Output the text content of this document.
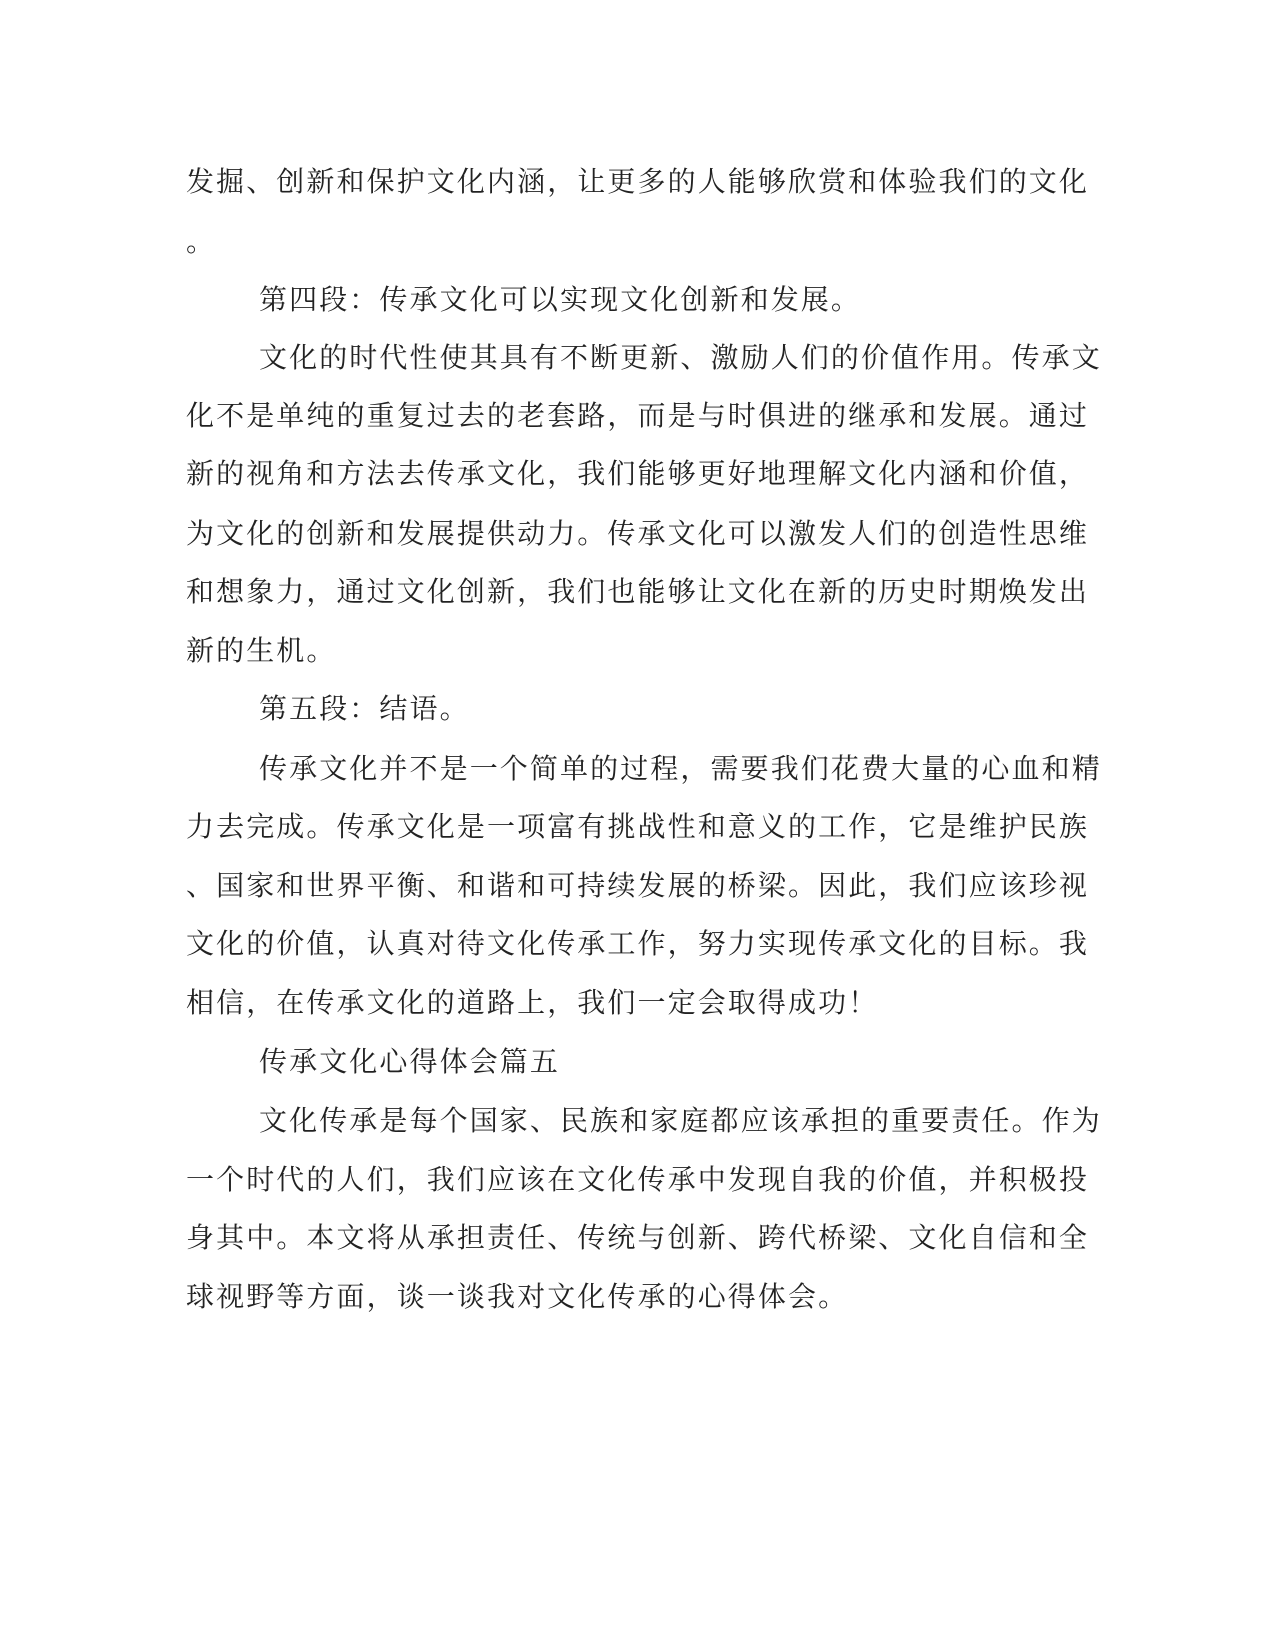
发掘、创新和保护文化内涵，让更多的人能够欣赏和体验我们的文化

。

第四段：传承文化可以实现文化创新和发展。

文化的时代性使其具有不断更新、激励人们的价值作用。传承文

化不是单纯的重复过去的老套路，而是与时俱进的继承和发展。通过

新的视角和方法去传承文化，我们能够更好地理解文化内涵和价值，

为文化的创新和发展提供动力。传承文化可以激发人们的创造性思维

和想象力，通过文化创新，我们也能够让文化在新的历史时期焕发出

新的生机。

第五段：结语。

传承文化并不是一个简单的过程，需要我们花费大量的心血和精

力去完成。传承文化是一项富有挑战性和意义的工作，它是维护民族

、国家和世界平衡、和谐和可持续发展的桥梁。因此，我们应该珍视

文化的价值，认真对待文化传承工作，努力实现传承文化的目标。我

相信，在传承文化的道路上，我们一定会取得成功！

传承文化心得体会篇五

文化传承是每个国家、民族和家庭都应该承担的重要责任。作为

一个时代的人们，我们应该在文化传承中发现自我的价值，并积极投

身其中。本文将从承担责任、传统与创新、跨代桥梁、文化自信和全

球视野等方面，谈一谈我对文化传承的心得体会。
